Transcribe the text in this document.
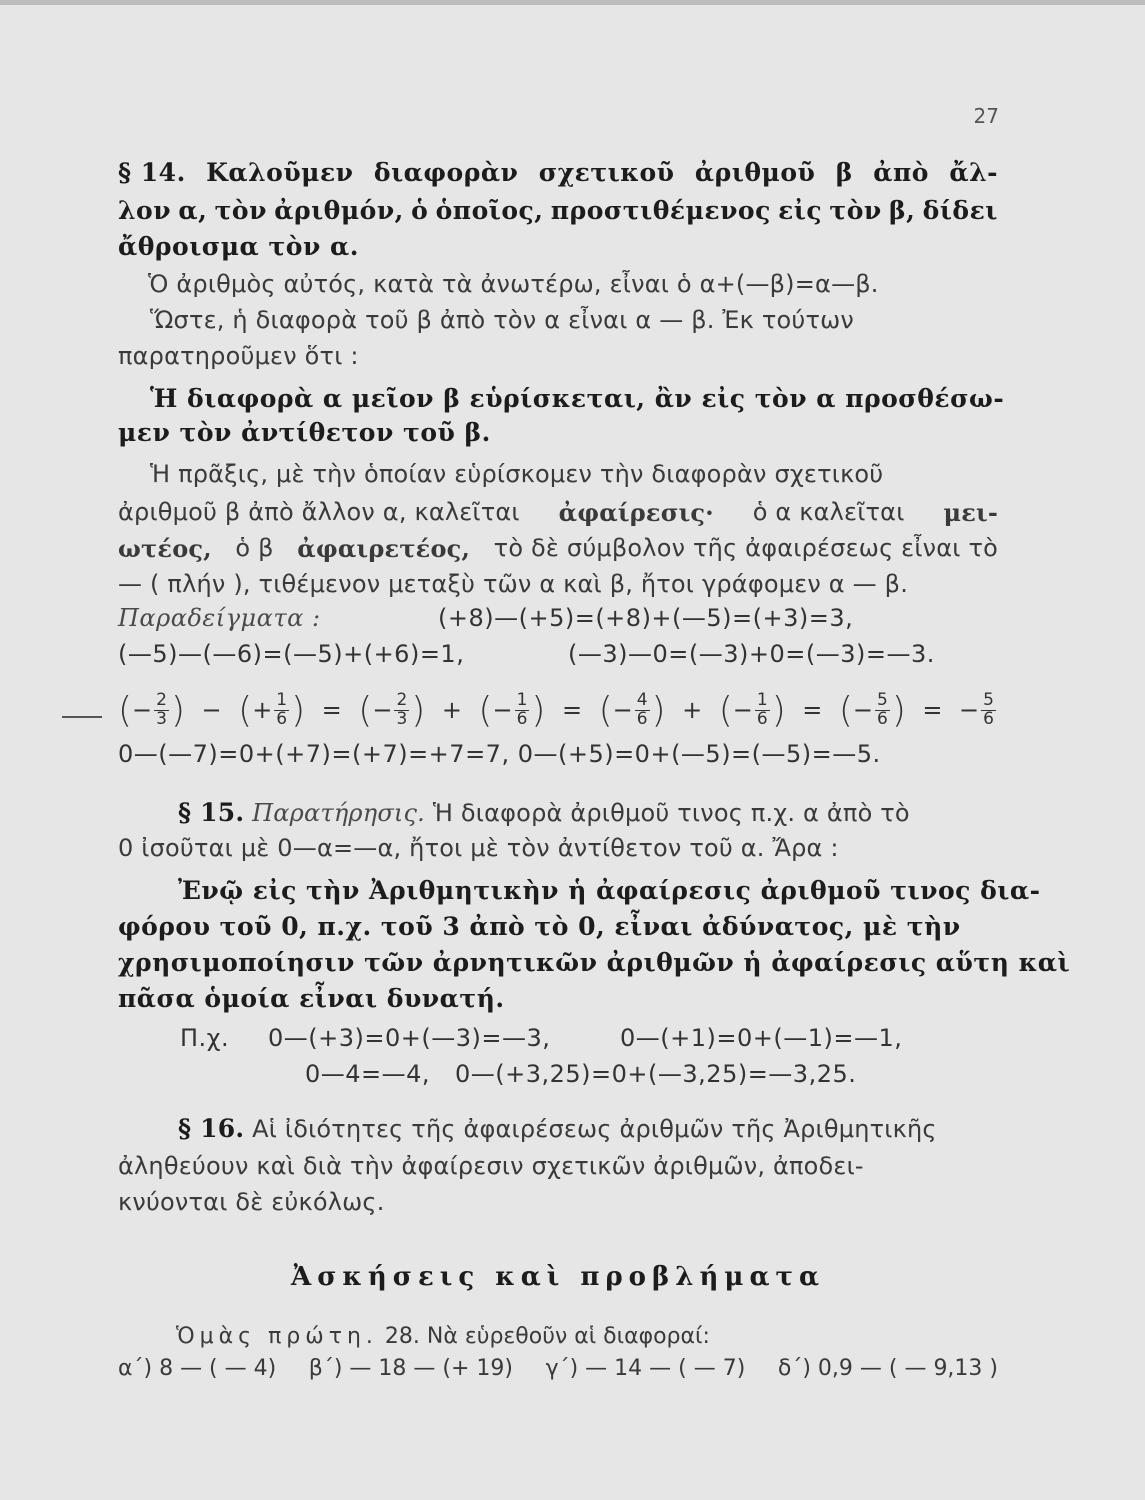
27
§ 14. Καλοῦμεν διαφορὰν σχετικοῦ ἀριθμοῦ β ἀπὸ ἄλ-
λον α, τὸν ἀριθμόν, ὁ ὁποῖος, προστιθέμενος εἰς τὸν β, δίδει
ἄθροισμα τὸν α.
Ὁ ἀριθμὸς αὐτός, κατὰ τὰ ἀνωτέρω, εἶναι ὁ α+(—β)=α—β.
Ὥστε, ἡ διαφορὰ τοῦ β ἀπὸ τὸν α εἶναι α — β. Ἐκ τούτων
παρατηροῦμεν ὅτι :
Ἡ διαφορὰ α μεῖον β εὑρίσκεται, ἂν εἰς τὸν α προσθέσω-
μεν τὸν ἀντίθετον τοῦ β.
Ἡ πρᾶξις, μὲ τὴν ὁποίαν εὑρίσκομεν τὴν διαφορὰν σχετικοῦ
ἀριθμοῦ β ἀπὸ ἄλλον α, καλεῖται ἀφαίρεσις· ὁ α καλεῖται μει-
ωτέος, ὁ β ἀφαιρετέος, τὸ δὲ σύμβολον τῆς ἀφαιρέσεως εἶναι τὸ
— ( πλήν ), τιθέμενον μεταξὺ τῶν α καὶ β, ἤτοι γράφομεν α — β.
Παραδείγματα :	(+8)—(+5)=(+8)+(—5)=(+3)=3,
(—5)—(—6)=(—5)+(+6)=1,	(—3)—0=(—3)+0=(—3)=—3.
( − $\frac{2}{3}$ ) − ( + $\frac{1}{6}$ ) = ( − $\frac{2}{3}$ ) + ( − $\frac{1}{6}$ ) = ( − $\frac{4}{6}$ ) + ( − $\frac{1}{6}$ ) = ( − $\frac{5}{6}$ ) = − $\frac{5}{6}$
0—(—7)=0+(+7)=(+7)=+7=7, 0—(+5)=0+(—5)=(—5)=—5.
§ 15. Παρατήρησις. Ἡ διαφορὰ ἀριθμοῦ τινος π.χ. α ἀπὸ τὸ
0 ἰσοῦται μὲ 0—α=—α, ἤτοι μὲ τὸν ἀντίθετον τοῦ α. Ἄρα :
Ἐνῷ εἰς τὴν Ἀριθμητικὴν ἡ ἀφαίρεσις ἀριθμοῦ τινος δια-
φόρου τοῦ 0, π.χ. τοῦ 3 ἀπὸ τὸ 0, εἶναι ἀδύνατος, μὲ τὴν
χρησιμοποίησιν τῶν ἀρνητικῶν ἀριθμῶν ἡ ἀφαίρεσις αὕτη καὶ
πᾶσα ὁμοία εἶναι δυνατή.
Π.χ. 0—(+3)=0+(—3)=—3,	0—(+1)=0+(—1)=—1,
0—4=—4, 0—(+3,25)=0+(—3,25)=—3,25.
§ 16. Αἱ ἰδιότητες τῆς ἀφαιρέσεως ἀριθμῶν τῆς Ἀριθμητικῆς
ἀληθεύουν καὶ διὰ τὴν ἀφαίρεσιν σχετικῶν ἀριθμῶν, ἀποδει-
κνύονται δὲ εὐκόλως.
Ἀσκήσεις καὶ προβλήματα
Ὁμὰς πρώτη. 28. Νὰ εὑρεθοῦν αἱ διαφοραί:
α΄) 8 — ( — 4) β΄) — 18 — (+ 19) γ΄) — 14 — ( — 7) δ΄) 0,9 — ( — 9,13 )
